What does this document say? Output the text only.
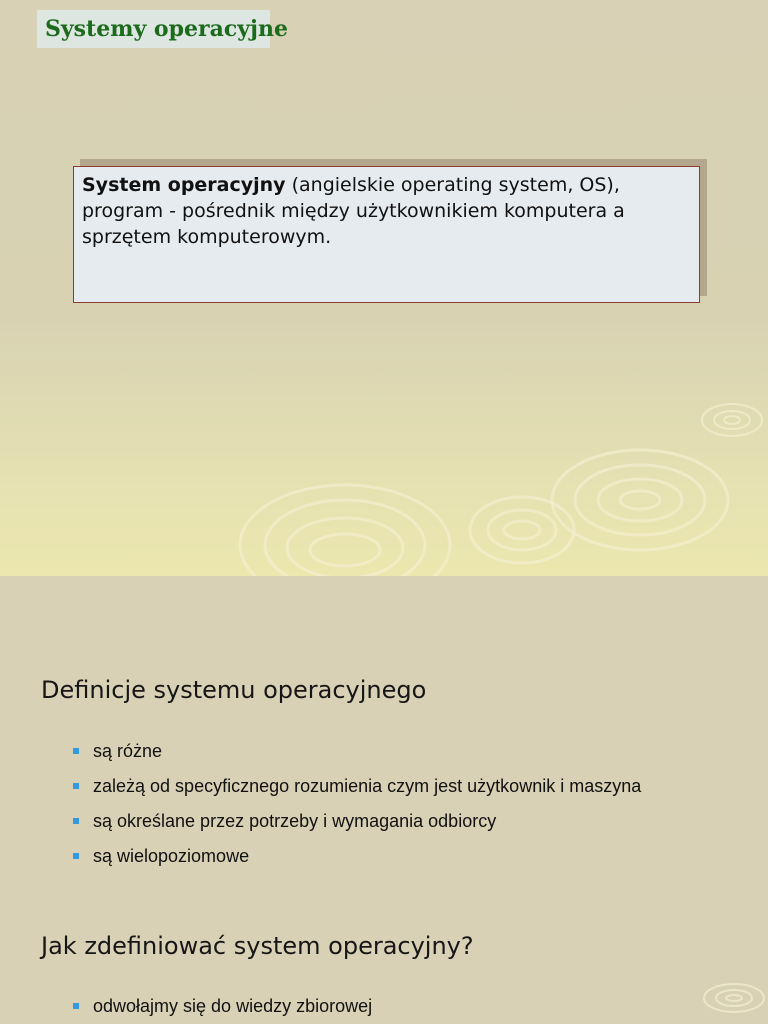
Systemy operacyjne
System operacyjny (angielskie operating system, OS), program - pośrednik między użytkownikiem komputera a sprzętem komputerowym.
Definicje systemu operacyjnego
są różne
zależą od specyficznego rozumienia czym jest użytkownik i maszyna
są określane przez potrzeby i wymagania odbiorcy
są wielopoziomowe
Jak zdefiniować system operacyjny?
odwołajmy się do wiedzy zbiorowej
